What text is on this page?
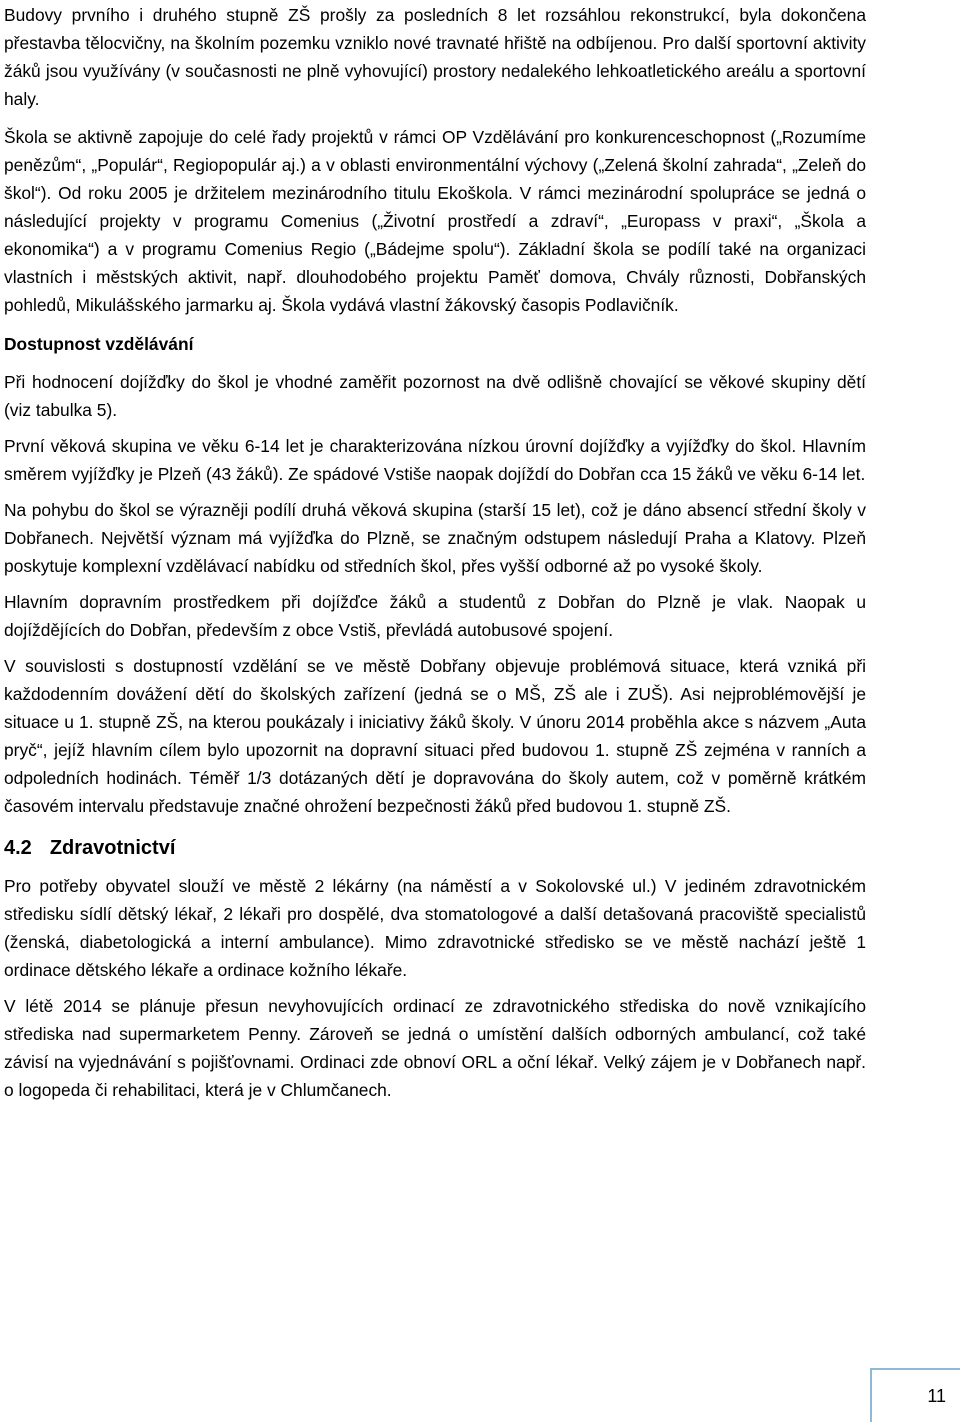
Budovy prvního i druhého stupně ZŠ prošly za posledních 8 let rozsáhlou rekonstrukcí, byla dokončena přestavba tělocvičny, na školním pozemku vzniklo nové travnaté hřiště na odbíjenou. Pro další sportovní aktivity žáků jsou využívány (v současnosti ne plně vyhovující) prostory nedalekého lehkoatletického areálu a sportovní haly.

Škola se aktivně zapojuje do celé řady projektů v rámci OP Vzdělávání pro konkurenceschopnost („Rozumíme penězům“, „Populár“, Regiopopulár aj.) a v oblasti environmentální výchovy („Zelená školní zahrada“, „Zeleň do škol“). Od roku 2005 je držitelem mezinárodního titulu Ekoškola. V rámci mezinárodní spolupráce se jedná o následující projekty v programu Comenius („Životní prostředí a zdraví“, „Europass v praxi“, „Škola a ekonomika“) a v programu Comenius Regio („Bádejme spolu“). Základní škola se podílí také na organizaci vlastních i městských aktivit, např. dlouhodobého projektu Paměť domova, Chvály různosti, Dobřanských pohledů, Mikulášského jarmarku aj. Škola vydává vlastní žákovský časopis Podlavičník.

Dostupnost vzdělávání

Při hodnocení dojížďky do škol je vhodné zaměřit pozornost na dvě odlišně chovající se věkové skupiny dětí (viz tabulka 5).

První věková skupina ve věku 6-14 let je charakterizována nízkou úrovní dojížďky a vyjížďky do škol. Hlavním směrem vyjížďky je Plzeň (43 žáků). Ze spádové Vstiše naopak dojíždí do Dobřan cca 15 žáků ve věku 6-14 let.

Na pohybu do škol se výrazněji podílí druhá věková skupina (starší 15 let), což je dáno absencí střední školy v Dobřanech. Největší význam má vyjížďka do Plzně, se značným odstupem následují Praha a Klatovy. Plzeň poskytuje komplexní vzdělávací nabídku od středních škol, přes vyšší odborné až po vysoké školy.

Hlavním dopravním prostředkem při dojížďce žáků a studentů z Dobřan do Plzně je vlak. Naopak u dojíždějících do Dobřan, především z obce Vstiš, převládá autobusové spojení.

V souvislosti s dostupností vzdělání se ve městě Dobřany objevuje problémová situace, která vzniká při každodenním dovážení dětí do školských zařízení (jedná se o MŠ, ZŠ ale i ZUŠ). Asi nejproblémovější je situace u 1. stupně ZŠ, na kterou poukázaly i iniciativy žáků školy. V únoru 2014 proběhla akce s názvem „Auta pryč“, jejíž hlavním cílem bylo upozornit na dopravní situaci před budovou 1. stupně ZŠ zejména v ranních a odpoledních hodinách. Téměř 1/3 dotázaných dětí je dopravována do školy autem, což v poměrně krátkém časovém intervalu představuje značné ohrožení bezpečnosti žáků před budovou 1. stupně ZŠ.

4.2 Zdravotnictví

Pro potřeby obyvatel slouží ve městě 2 lékárny (na náměstí a v Sokolovské ul.) V jediném zdravotnickém středisku sídlí dětský lékař, 2 lékaři pro dospělé, dva stomatologové a další detašovaná pracoviště specialistů (ženská, diabetologická a interní ambulance). Mimo zdravotnické středisko se ve městě nachází ještě 1 ordinace dětského lékaře a ordinace kožního lékaře.

V létě 2014 se plánuje přesun nevyhovujících ordinací ze zdravotnického střediska do nově vznikajícího střediska nad supermarketem Penny. Zároveň se jedná o umístění dalších odborných ambulancí, což také závisí na vyjednávání s pojišťovnami. Ordinaci zde obnoví ORL a oční lékař. Velký zájem je v Dobřanech např. o logopeda či rehabilitaci, která je v Chlumčanech.

11
